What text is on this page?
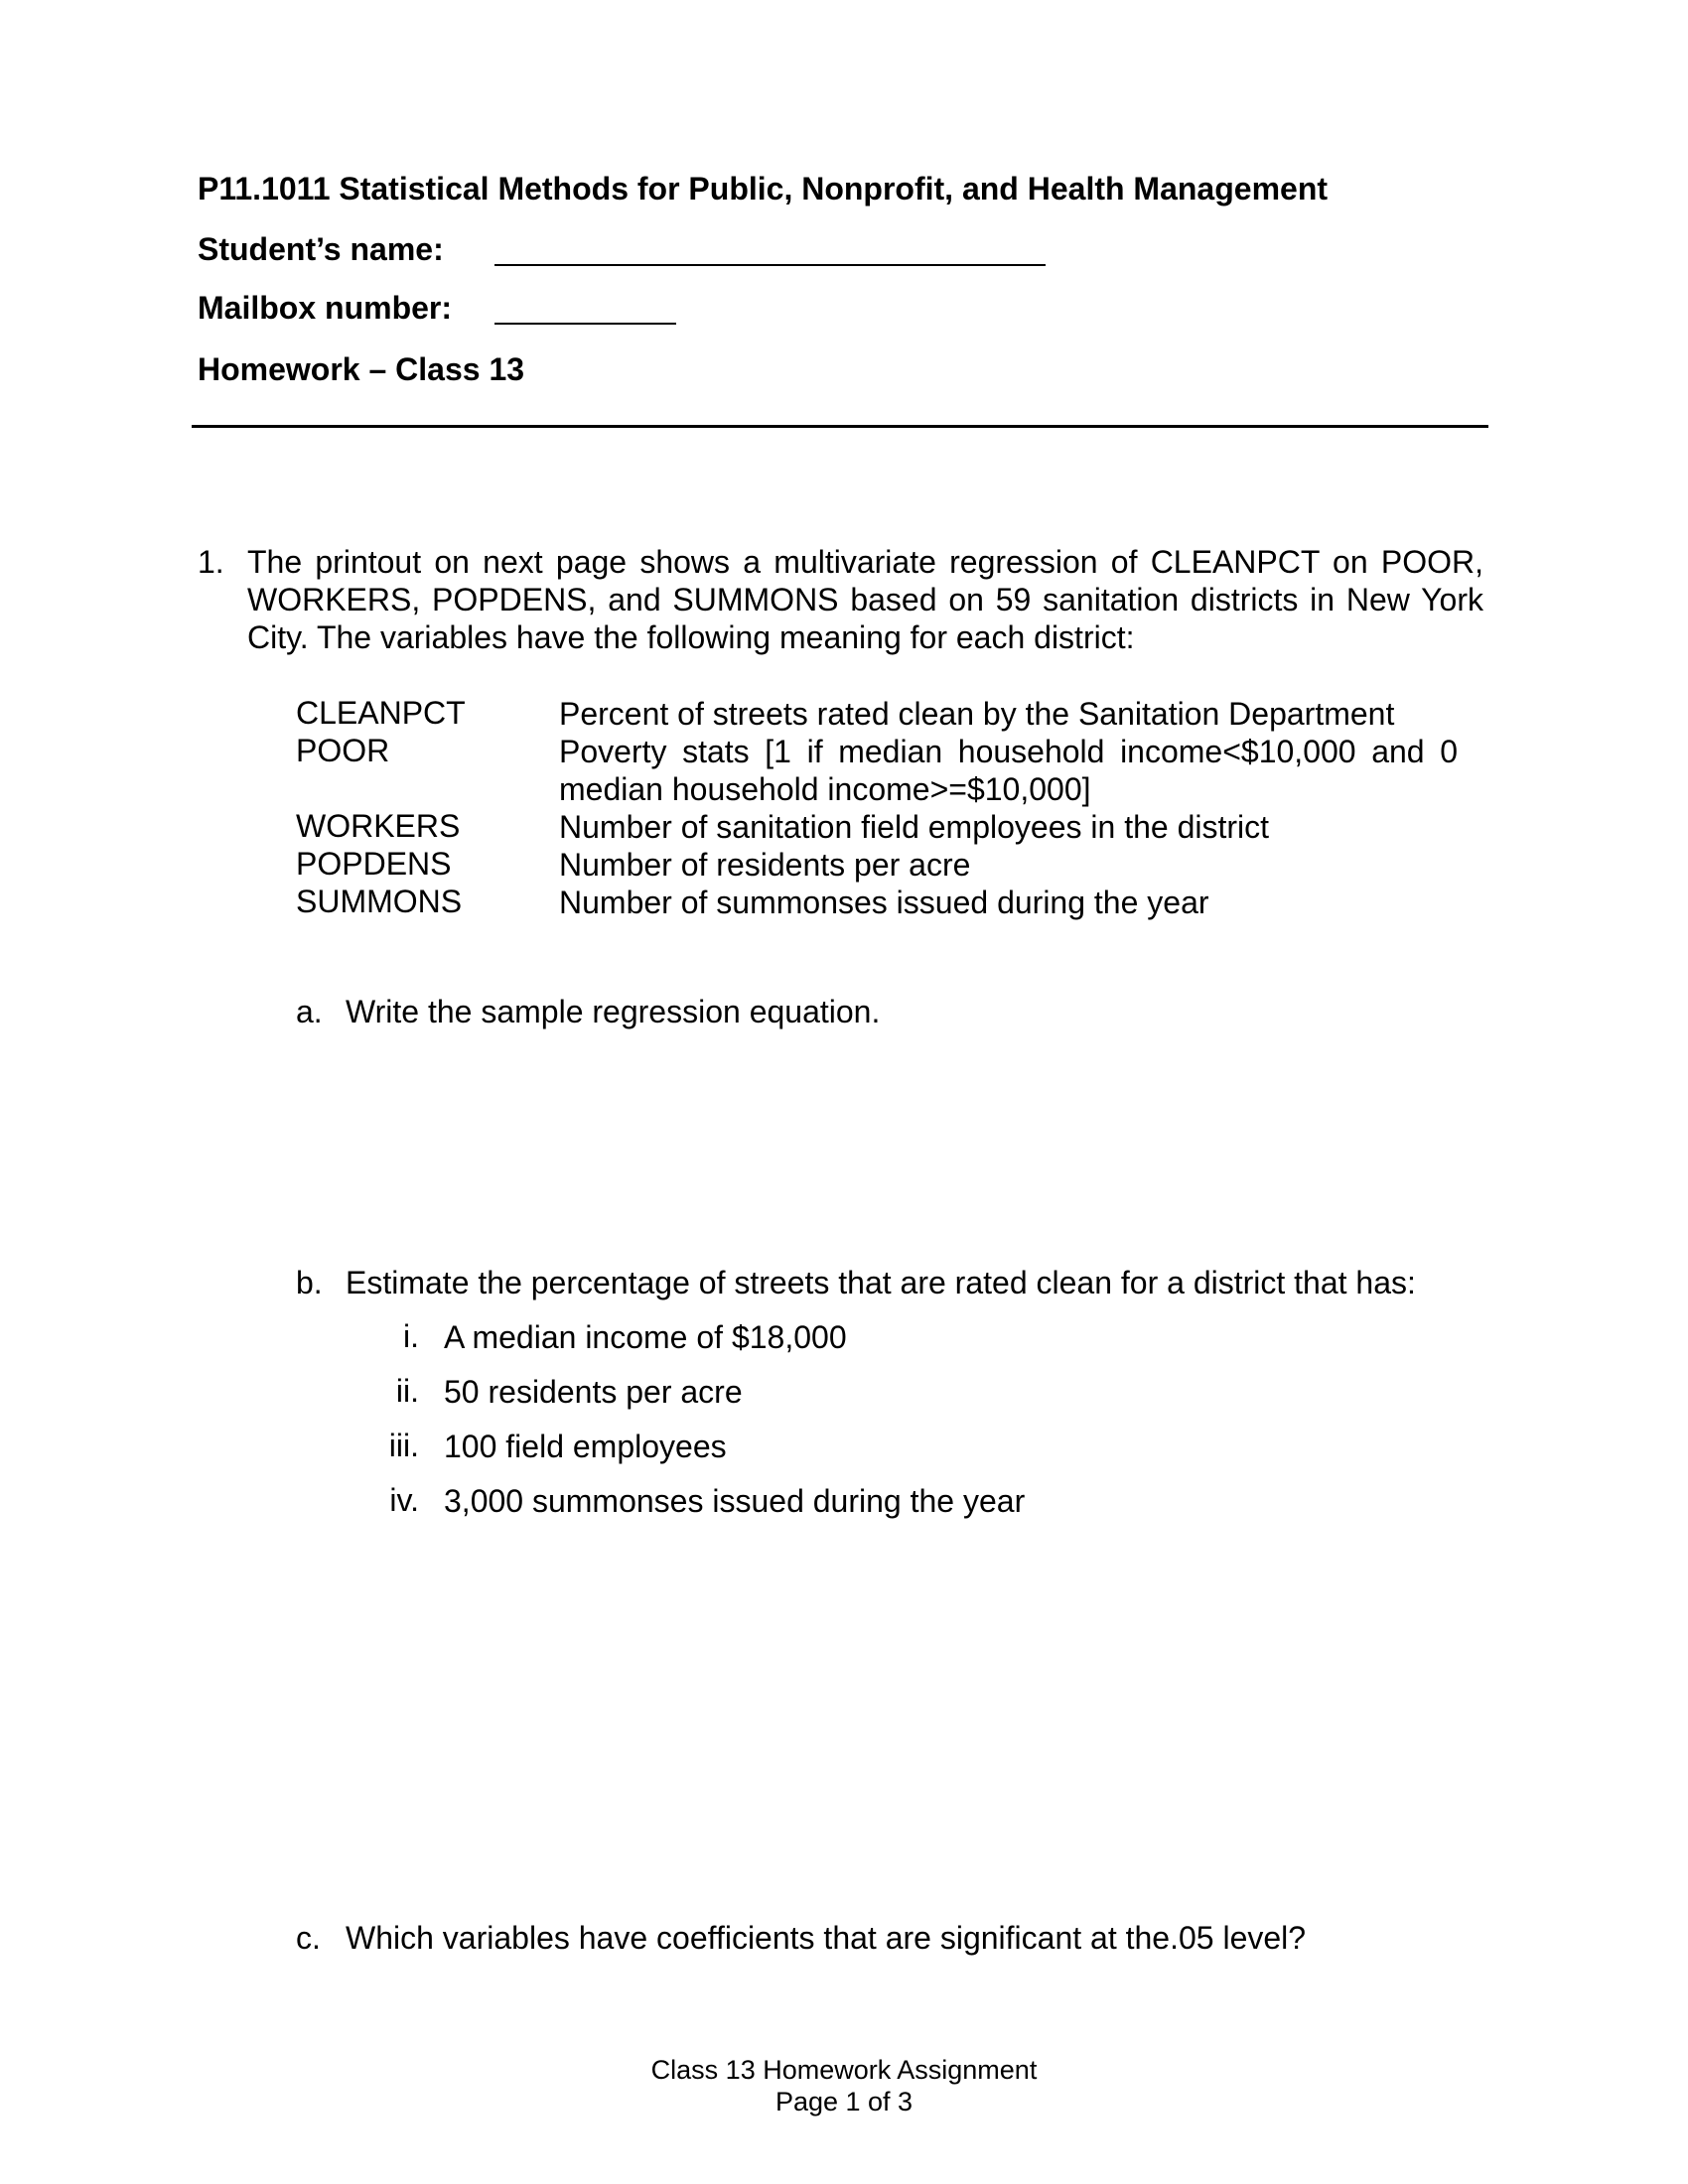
P11.1011 Statistical Methods for Public, Nonprofit, and Health Management
Student’s name:
Mailbox number:
Homework – Class 13
1. The printout on next page shows a multivariate regression of CLEANPCT on POOR, WORKERS, POPDENS, and SUMMONS based on 59 sanitation districts in New York City. The variables have the following meaning for each district:
CLEANPCT	Percent of streets rated clean by the Sanitation Department
POOR	Poverty stats [1 if median household income<$10,000 and 0 median household income>=$10,000]
WORKERS	Number of sanitation field employees in the district
POPDENS	Number of residents per acre
SUMMONS	Number of summonses issued during the year
a. Write the sample regression equation.
b. Estimate the percentage of streets that are rated clean for a district that has:
i. A median income of $18,000
ii. 50 residents per acre
iii. 100 field employees
iv. 3,000 summonses issued during the year
c. Which variables have coefficients that are significant at the.05 level?
Class 13 Homework Assignment
Page 1 of 3
